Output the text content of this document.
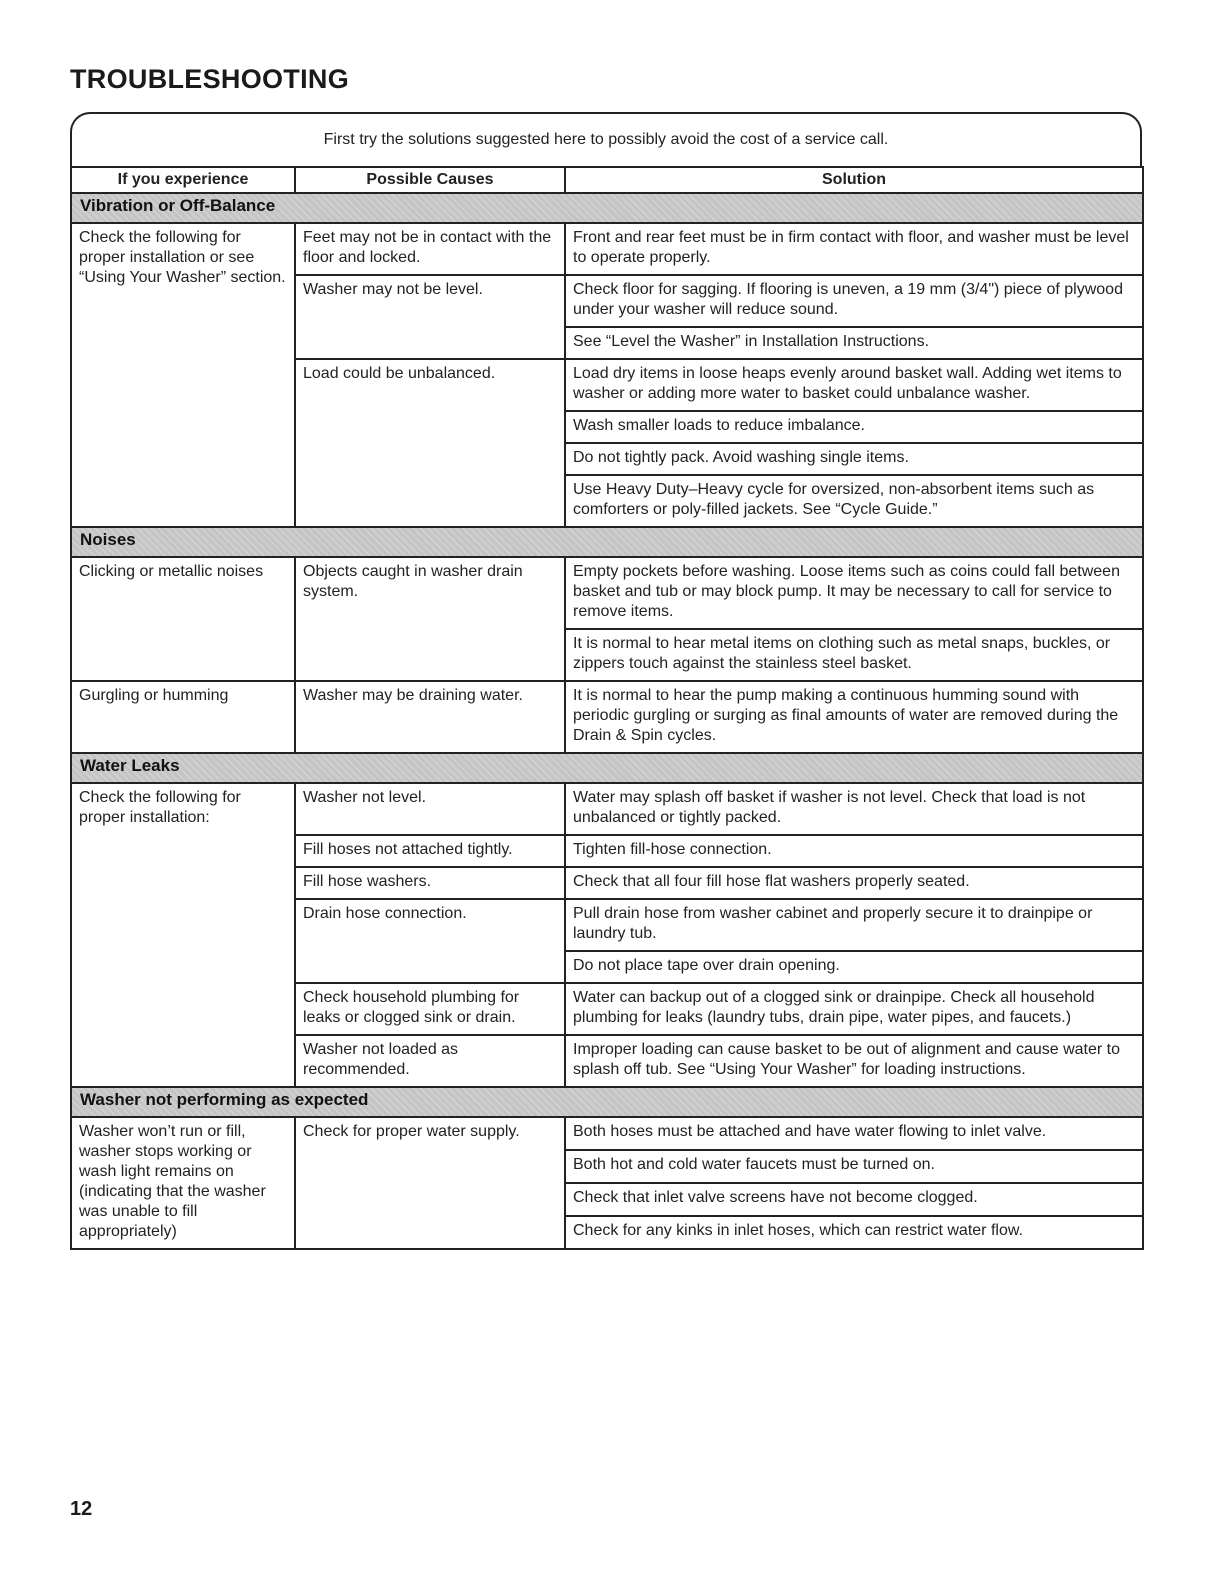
TROUBLESHOOTING
First try the solutions suggested here to possibly avoid the cost of a service call.
If you experience	Possible Causes	Solution
Vibration or Off-Balance		
Check the following for proper installation or see “Using Your Washer” section.	Feet may not be in contact with the floor and locked.	Front and rear feet must be in firm contact with floor, and washer must be level to operate properly.
	Washer may not be level.	Check floor for sagging. If flooring is uneven, a 19 mm (3/4") piece of plywood under your washer will reduce sound.
		See “Level the Washer” in Installation Instructions.
	Load could be unbalanced.	Load dry items in loose heaps evenly around basket wall. Adding wet items to washer or adding more water to basket could unbalance washer.
		Wash smaller loads to reduce imbalance.
		Do not tightly pack. Avoid washing single items.
		Use Heavy Duty–Heavy cycle for oversized, non-absorbent items such as comforters or poly-filled jackets. See “Cycle Guide.”
Noises		
Clicking or metallic noises	Objects caught in washer drain system.	Empty pockets before washing. Loose items such as coins could fall between basket and tub or may block pump. It may be necessary to call for service to remove items.
		It is normal to hear metal items on clothing such as metal snaps, buckles, or zippers touch against the stainless steel basket.
Gurgling or humming	Washer may be draining water.	It is normal to hear the pump making a continuous humming sound with periodic gurgling or surging as final amounts of water are removed during the Drain & Spin cycles.
Water Leaks		
Check the following for proper installation:	Washer not level.	Water may splash off basket if washer is not level. Check that load is not unbalanced or tightly packed.
	Fill hoses not attached tightly.	Tighten fill-hose connection.
	Fill hose washers.	Check that all four fill hose flat washers properly seated.
	Drain hose connection.	Pull drain hose from washer cabinet and properly secure it to drainpipe or laundry tub.
		Do not place tape over drain opening.
	Check household plumbing for leaks or clogged sink or drain.	Water can backup out of a clogged sink or drainpipe. Check all household plumbing for leaks (laundry tubs, drain pipe, water pipes, and faucets.)
	Washer not loaded as recommended.	Improper loading can cause basket to be out of alignment and cause water to splash off tub. See “Using Your Washer” for loading instructions.
Washer not performing as expected		
Washer won’t run or fill, washer stops working or wash light remains on (indicating that the washer was unable to fill appropriately)	Check for proper water supply.	Both hoses must be attached and have water flowing to inlet valve.
		Both hot and cold water faucets must be turned on.
		Check that inlet valve screens have not become clogged.
		Check for any kinks in inlet hoses, which can restrict water flow.
12
